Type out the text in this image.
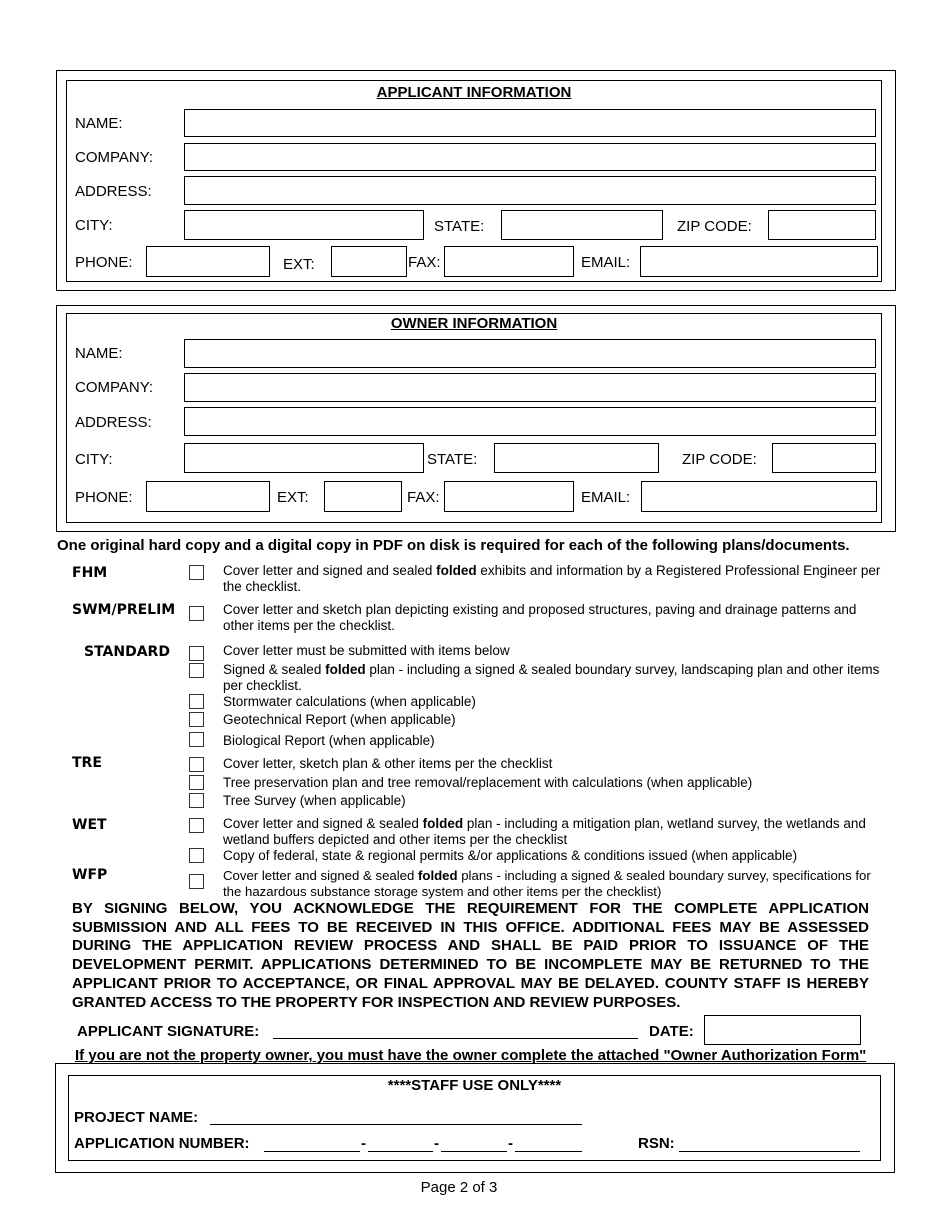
APPLICANT INFORMATION
NAME:
COMPANY:
ADDRESS:
CITY:	STATE:	ZIP CODE:
PHONE:	EXT:	FAX:	EMAIL:
OWNER INFORMATION
NAME:
COMPANY:
ADDRESS:
CITY:	STATE:	ZIP CODE:
PHONE:	EXT:	FAX:	EMAIL:
One original hard copy and a digital copy in PDF on disk is required for each of the following plans/documents.
FHM	Cover letter and signed and sealed folded exhibits and information by a Registered Professional Engineer per the checklist.
SWM/PRELIM	Cover letter and sketch plan depicting existing and proposed structures, paving and drainage patterns and other items per the checklist.
STANDARD	Cover letter must be submitted with items below
Signed & sealed folded plan - including a signed & sealed boundary survey, landscaping plan and other items per checklist.
Stormwater calculations (when applicable)
Geotechnical Report (when applicable)
Biological Report (when applicable)
TRE	Cover letter, sketch plan & other items per the checklist
Tree preservation plan and tree removal/replacement with calculations (when applicable)
Tree Survey (when applicable)
WET	Cover letter and signed & sealed folded plan - including a mitigation plan, wetland survey, the wetlands and wetland buffers depicted and other items per the checklist
Copy of federal, state & regional permits &/or applications & conditions issued (when applicable)
WFP	Cover letter and signed & sealed folded plans - including a signed & sealed boundary survey, specifications for the hazardous substance storage system and other items per the checklist)
BY SIGNING BELOW, YOU ACKNOWLEDGE THE REQUIREMENT FOR THE COMPLETE APPLICATION SUBMISSION AND ALL FEES TO BE RECEIVED IN THIS OFFICE. ADDITIONAL FEES MAY BE ASSESSED DURING THE APPLICATION REVIEW PROCESS AND SHALL BE PAID PRIOR TO ISSUANCE OF THE DEVELOPMENT PERMIT. APPLICATIONS DETERMINED TO BE INCOMPLETE MAY BE RETURNED TO THE APPLICANT PRIOR TO ACCEPTANCE, OR FINAL APPROVAL MAY BE DELAYED. COUNTY STAFF IS HEREBY GRANTED ACCESS TO THE PROPERTY FOR INSPECTION AND REVIEW PURPOSES.
APPLICANT SIGNATURE:	DATE:
If you are not the property owner, you must have the owner complete the attached "Owner Authorization Form"
****STAFF USE ONLY****
PROJECT NAME:
APPLICATION NUMBER:	-	-	-	RSN:
Page 2 of 3
